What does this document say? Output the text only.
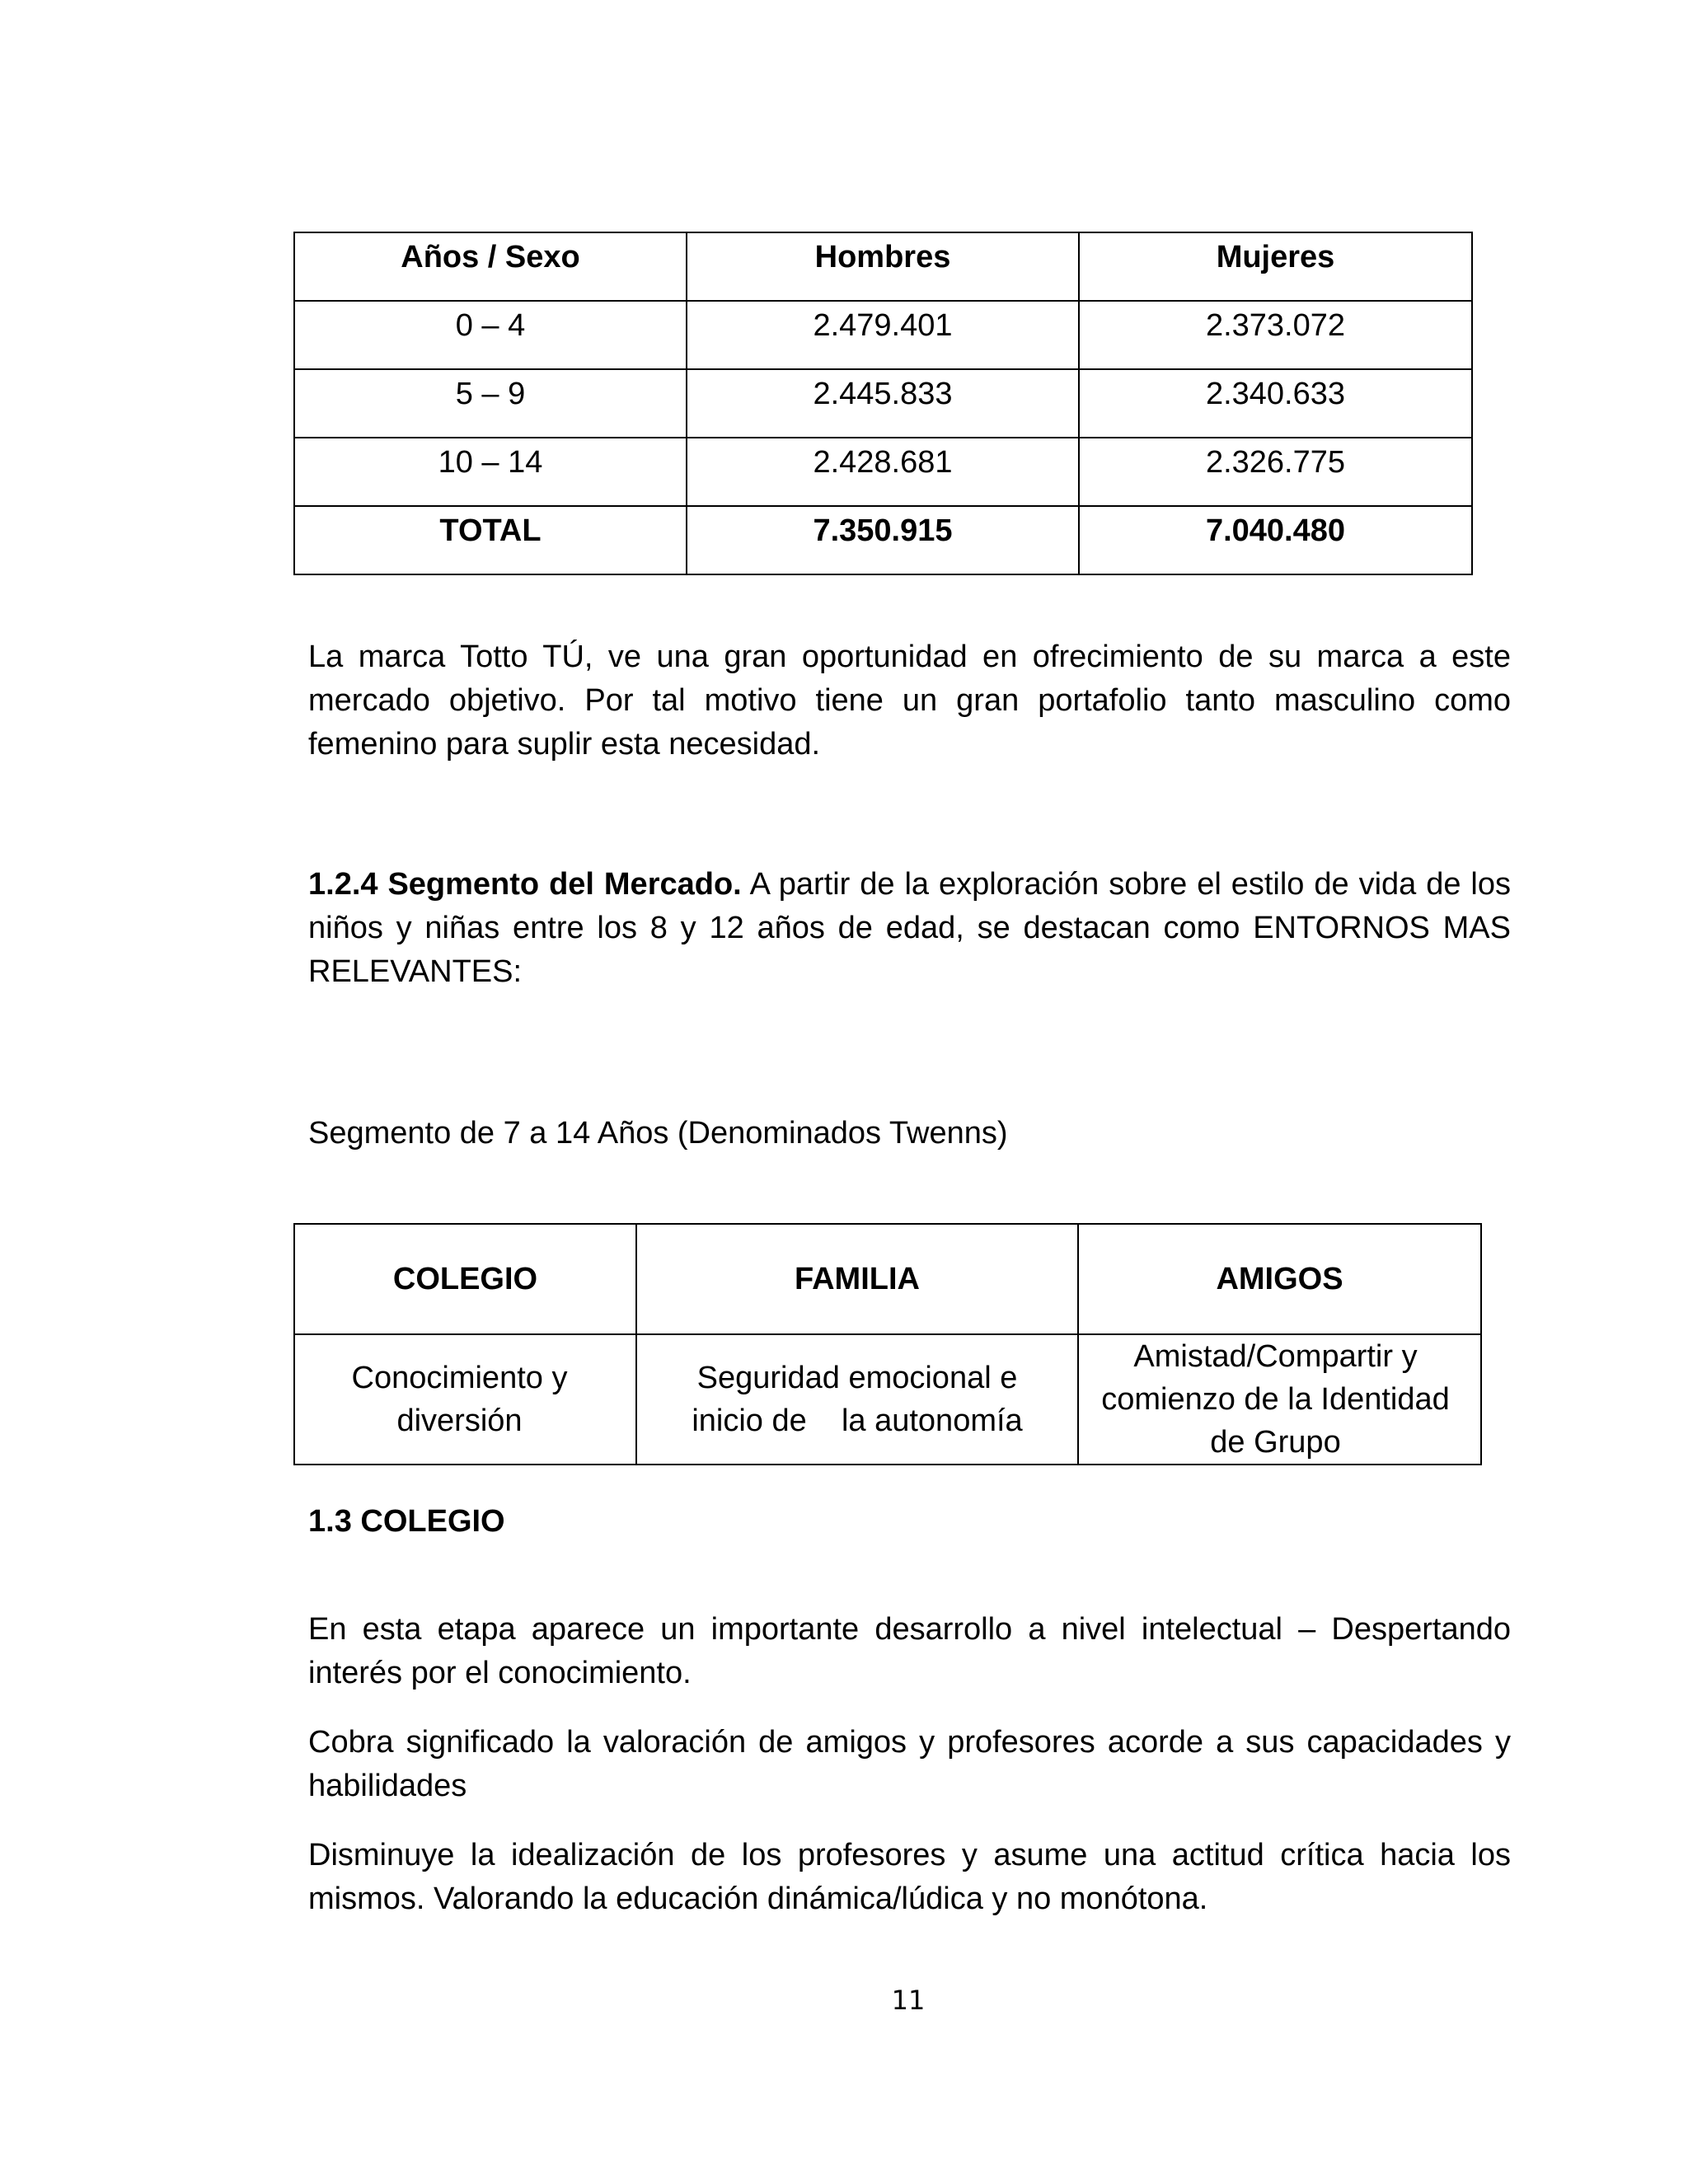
Años / Sexo	Hombres	Mujeres
0 – 4	2.479.401	2.373.072
5 – 9	2.445.833	2.340.633
10 – 14	2.428.681	2.326.775
TOTAL	7.350.915	7.040.480

La marca Totto TÚ, ve una gran oportunidad en ofrecimiento de su marca a este mercado objetivo. Por tal motivo tiene un gran portafolio tanto masculino como femenino para suplir esta necesidad.

1.2.4 Segmento del Mercado. A partir de la exploración sobre el estilo de vida de los niños y niñas entre los 8 y 12 años de edad, se destacan como ENTORNOS MAS RELEVANTES:

Segmento de 7 a 14 Años (Denominados Twenns)

COLEGIO	FAMILIA	AMIGOS
Conocimiento y diversión	Seguridad emocional e inicio de    la autonomía	Amistad/Compartir y comienzo de la Identidad de Grupo
1.3 COLEGIO

En esta etapa aparece un importante desarrollo a nivel intelectual – Despertando interés por el conocimiento.

Cobra significado la valoración de amigos y profesores acorde a sus capacidades y habilidades

Disminuye la idealización de los profesores y asume una actitud crítica hacia los mismos. Valorando la educación dinámica/lúdica y no monótona.

11
